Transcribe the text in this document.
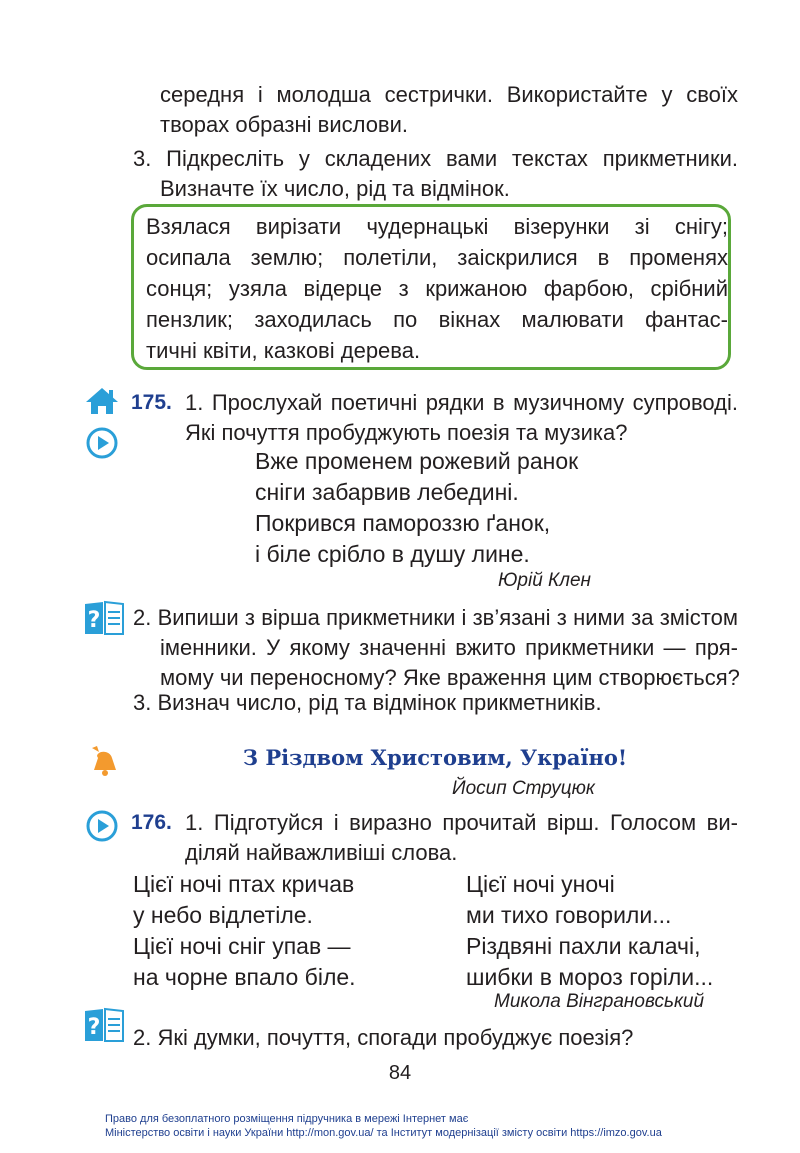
середня і молодша сестрички. Використайте у своїх
творах образні вислови.
3. Підкресліть у складених вами текстах прикметники.
Визначте їх число, рід та відмінок.
Взялася вирізати чудернацькі візерунки зі снігу;
осипала землю; полетіли, заіскрилися в променях
сонця; узяла відерце з крижаною фарбою, срібний
пензлик; заходилась по вікнах малювати фантас-
тичні квіти, казкові дерева.
175. 1. Прослухай поетичні рядки в музичному супроводі.
Які почуття пробуджують поезія та музика?
Вже променем рожевий ранок
сніги забарвив лебедині.
Покрився памороззю ґанок,
і біле срібло в душу лине.
Юрій Клен
? 2. Випиши з вірша прикметники і зв’язані з ними за змістом
іменники. У якому значенні вжито прикметники — пря-
мому чи переносному? Яке враження цим створюється?
3. Визнач число, рід та відмінок прикметників.
З Різдвом Христовим, Україно!
Йосип Струцюк
176. 1. Підготуйся і виразно прочитай вірш. Голосом ви-
діляй найважливіші слова.
Цієї ночі птах кричав
у небо відлетіле.
Цієї ночі сніг упав —
на чорне впало біле.
Цієї ночі уночі
ми тихо говорили...
Різдвяні пахли калачі,
шибки в мороз горіли...
Микола Вінграновський
? 2. Які думки, почуття, спогади пробуджує поезія?
84
Право для безоплатного розміщення підручника в мережі Інтернет має
Міністерство освіти і науки України http://mon.gov.ua/ та Інститут модернізації змісту освіти https://imzo.gov.ua
